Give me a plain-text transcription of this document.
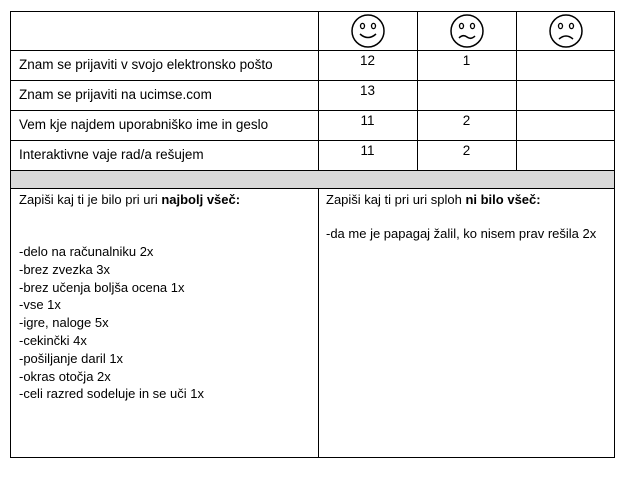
Znam se prijaviti v svojo elektronsko pošto	12	1
Znam se prijaviti na ucimse.com	13
Vem kje najdem uporabniško ime in geslo	11	2
Interaktivne vaje rad/a rešujem	11	2
Zapiši kaj ti je bilo pri uri najbolj všeč:
-delo na računalniku 2x
-brez zvezka 3x
-brez učenja boljša ocena 1x
-vse 1x
-igre, naloge 5x
-cekinčki 4x
-pošiljanje daril 1x
-okras otočja 2x
-celi razred sodeluje in se uči 1x
Zapiši kaj ti pri uri sploh ni bilo všeč:
-da me je papagaj žalil, ko nisem prav rešila 2x
